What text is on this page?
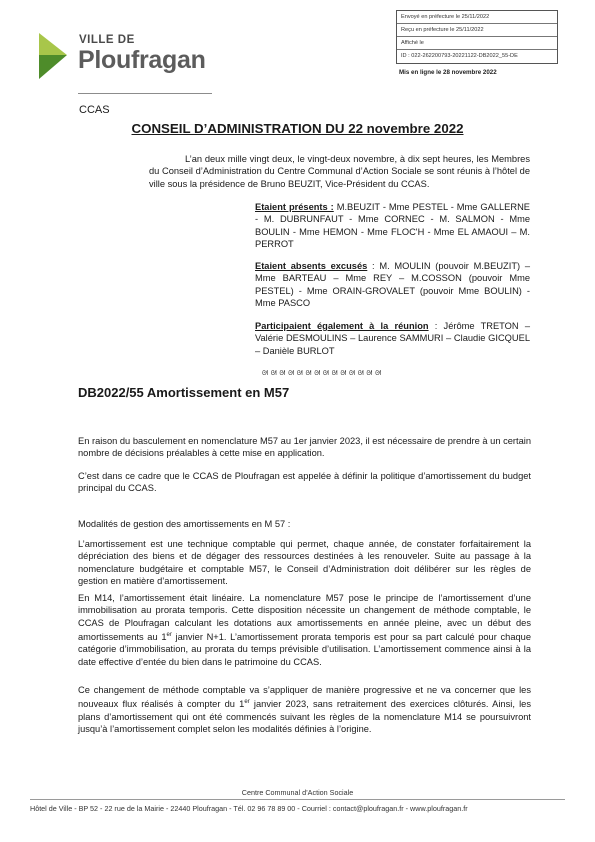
VILLE DE
Ploufragan
Envoyé en préfecture le 25/11/2022
Reçu en préfecture le 25/11/2022
Affiché le
ID : 022-262200793-20221122-DB2022_55-DE
Mis en ligne le 28 novembre 2022
CCAS
CONSEIL D’ADMINISTRATION DU 22 novembre 2022

L’an deux mille vingt deux, le vingt-deux novembre, à dix sept heures, les Membres du Conseil d’Administration du Centre Communal d’Action Sociale se sont réunis à l’hôtel de ville sous la présidence de Bruno BEUZIT, Vice-Président du CCAS.

Etaient présents : M.BEUZIT - Mme PESTEL - Mme GALLERNE - M. DUBRUNFAUT - Mme CORNEC - M. SALMON - Mme BOULIN - Mme HEMON - Mme FLOC'H - Mme EL AMAOUI – M. PERROT

Etaient absents excusés : M. MOULIN (pouvoir M.BEUZIT) – Mme BARTEAU – Mme REY – M.COSSON (pouvoir Mme PESTEL) - Mme ORAIN-GROVALET (pouvoir Mme BOULIN) - Mme PASCO

Participaient également à la réunion : Jérôme TRETON – Valérie DESMOULINS – Laurence SAMMURI – Claudie GICQUEL – Danièle BURLOT

ᘛ ᘛ ᘛ ᘛ ᘛ ᘛ ᘛ ᘛ ᘛ ᘛ ᘛ ᘛ ᘛ ᘛ
DB2022/55 Amortissement en M57

En raison du basculement en nomenclature M57 au 1er janvier 2023, il est nécessaire de prendre à un certain nombre de décisions préalables à cette mise en application.

C’est dans ce cadre que le CCAS de Ploufragan est appelée à définir la politique d’amortissement du budget principal du CCAS.

Modalités de gestion des amortissements en M 57 :

L’amortissement est une technique comptable qui permet, chaque année, de constater forfaitairement la dépréciation des biens et de dégager des ressources destinées à les renouveler. Suite au passage à la nomenclature budgétaire et comptable M57, le Conseil d’Administration doit délibérer sur les règles de gestion en matière d’amortissement.

En M14, l’amortissement était linéaire. La nomenclature M57 pose le principe de l’amortissement d’une immobilisation au prorata temporis. Cette disposition nécessite un changement de méthode comptable, le CCAS de Ploufragan calculant les dotations aux amortissements en année pleine, avec un début des amortissements au 1er janvier N+1. L’amortissement prorata temporis est pour sa part calculé pour chaque catégorie d’immobilisation, au prorata du temps prévisible d’utilisation. L’amortissement commence ainsi à la date effective d’entée du bien dans le patrimoine du CCAS.

Ce changement de méthode comptable va s’appliquer de manière progressive et ne va concerner que les nouveaux flux réalisés à compter du 1er janvier 2023, sans retraitement des exercices clôturés. Ainsi, les plans d’amortissement qui ont été commencés suivant les règles de la nomenclature M14 se poursuivront jusqu’à l’amortissement complet selon les modalités définies à l’origine.

Centre Communal d’Action Sociale
Hôtel de Ville - BP 52 - 22 rue de la Mairie - 22440 Ploufragan - Tél. 02 96 78 89 00 - Courriel : contact@ploufragan.fr - www.ploufragan.fr
